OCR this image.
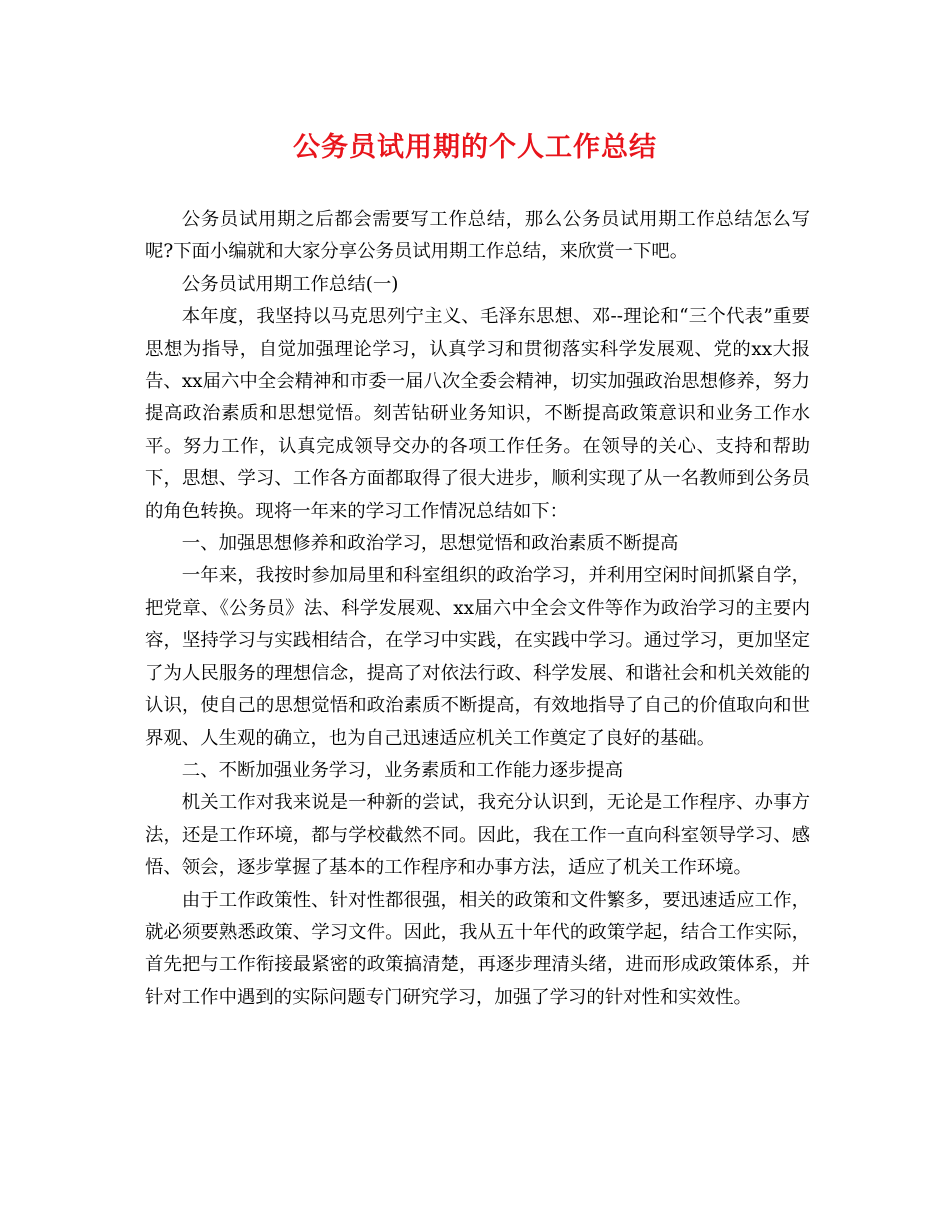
公务员试用期的个人工作总结

公务员试用期之后都会需要写工作总结，那么公务员试用期工作总结怎么写呢?下面小编就和大家分享公务员试用期工作总结，来欣赏一下吧。

公务员试用期工作总结(一)

本年度，我坚持以马克思列宁主义、毛泽东思想、邓--理论和“三个代表”重要思想为指导，自觉加强理论学习，认真学习和贯彻落实科学发展观、党的xx大报告、xx届六中全会精神和市委一届八次全委会精神，切实加强政治思想修养，努力提高政治素质和思想觉悟。刻苦钻研业务知识，不断提高政策意识和业务工作水平。努力工作，认真完成领导交办的各项工作任务。在领导的关心、支持和帮助下，思想、学习、工作各方面都取得了很大进步，顺利实现了从一名教师到公务员的角色转换。现将一年来的学习工作情况总结如下：

一、加强思想修养和政治学习，思想觉悟和政治素质不断提高

一年来，我按时参加局里和科室组织的政治学习，并利用空闲时间抓紧自学，把党章、《公务员》法、科学发展观、xx届六中全会文件等作为政治学习的主要内容，坚持学习与实践相结合，在学习中实践，在实践中学习。通过学习，更加坚定了为人民服务的理想信念，提高了对依法行政、科学发展、和谐社会和机关效能的认识，使自己的思想觉悟和政治素质不断提高，有效地指导了自己的价值取向和世界观、人生观的确立，也为自己迅速适应机关工作奠定了良好的基础。

二、不断加强业务学习，业务素质和工作能力逐步提高

机关工作对我来说是一种新的尝试，我充分认识到，无论是工作程序、办事方法，还是工作环境，都与学校截然不同。因此，我在工作一直向科室领导学习、感悟、领会，逐步掌握了基本的工作程序和办事方法，适应了机关工作环境。

由于工作政策性、针对性都很强，相关的政策和文件繁多，要迅速适应工作，就必须要熟悉政策、学习文件。因此，我从五十年代的政策学起，结合工作实际，首先把与工作衔接最紧密的政策搞清楚，再逐步理清头绪，进而形成政策体系，并针对工作中遇到的实际问题专门研究学习，加强了学习的针对性和实效性。
